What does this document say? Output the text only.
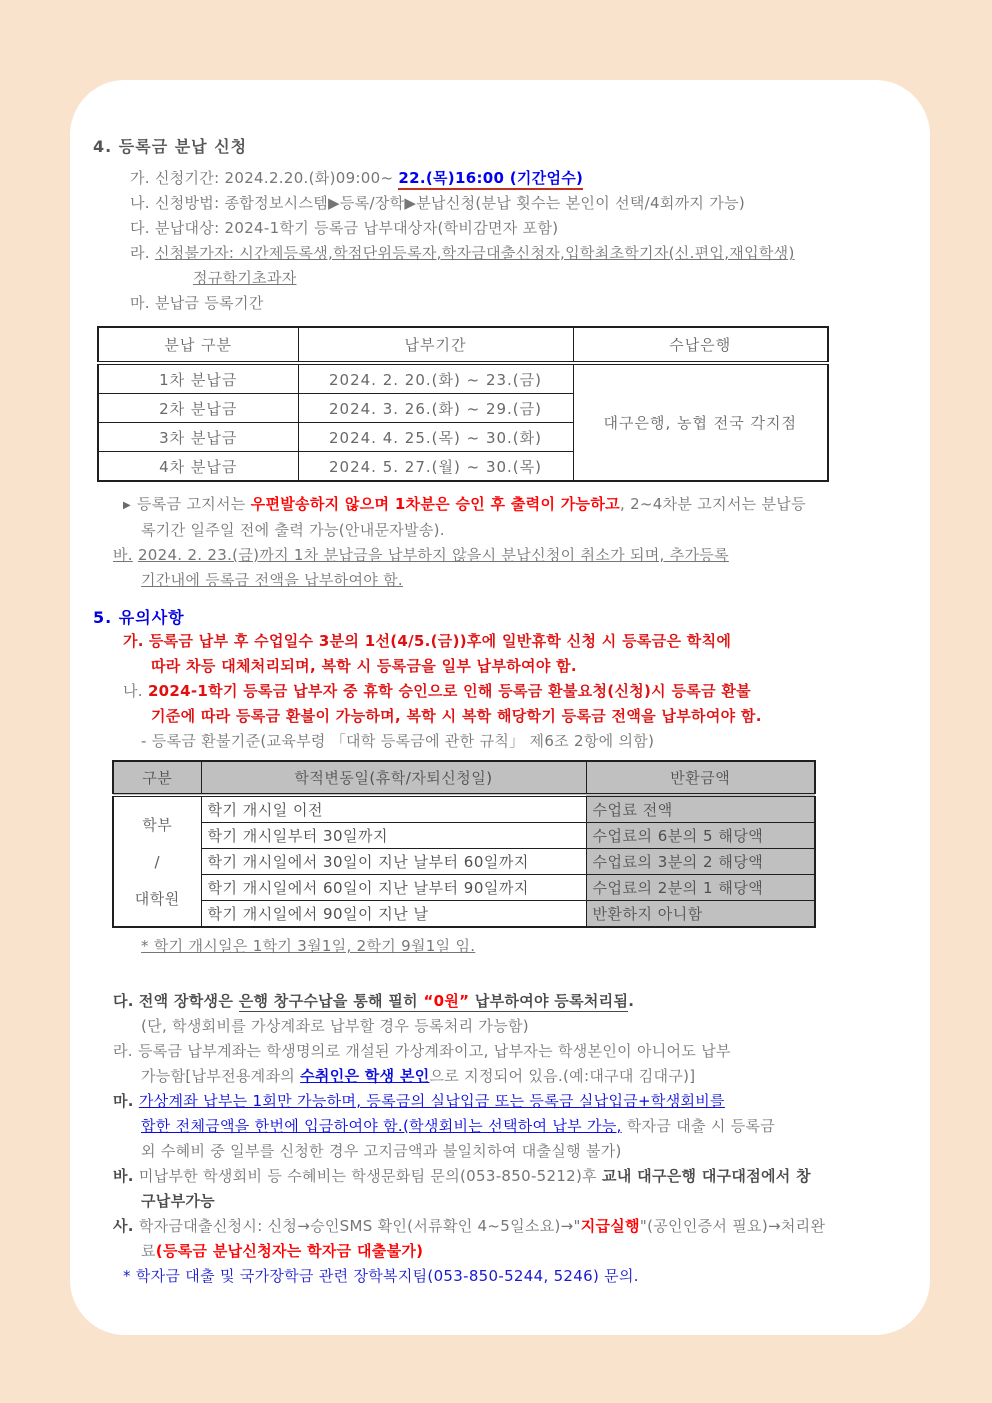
4. 등록금 분납 신청
가. 신청기간: 2024.2.20.(화)09:00~ 22.(목)16:00 (기간엄수)
나. 신청방법: 종합정보시스템▶등록/장학▶분납신청(분납 횟수는 본인이 선택/4회까지 가능)
다. 분납대상: 2024-1학기 등록금 납부대상자(학비감면자 포함)
라. 신청불가자: 시간제등록생,학점단위등록자,학자금대출신청자,입학최초학기자(신.편입,재입학생)
정규학기초과자
마. 분납금 등록기간
분납 구분	납부기간	수납은행
1차 분납금	2024. 2. 20.(화) ~ 23.(금)	대구은행, 농협 전국 각지점
2차 분납금	2024. 3. 26.(화) ~ 29.(금)	
3차 분납금	2024. 4. 25.(목) ~ 30.(화)	
4차 분납금	2024. 5. 27.(월) ~ 30.(목)	
▶ 등록금 고지서는 우편발송하지 않으며 1차분은 승인 후 출력이 가능하고, 2~4차분 고지서는 분납등
록기간 일주일 전에 출력 가능(안내문자발송).
바. 2024. 2. 23.(금)까지 1차 분납금을 납부하지 않을시 분납신청이 취소가 되며, 추가등록
기간내에 등록금 전액을 납부하여야 함.
5. 유의사항
가. 등록금 납부 후 수업일수 3분의 1선(4/5.(금))후에 일반휴학 신청 시 등록금은 학칙에
따라 차등 대체처리되며, 복학 시 등록금을 일부 납부하여야 함.
나. 2024-1학기 등록금 납부자 중 휴학 승인으로 인해 등록금 환불요청(신청)시 등록금 환불
기준에 따라 등록금 환불이 가능하며, 복학 시 복학 해당학기 등록금 전액을 납부하여야 함.
- 등록금 환불기준(교육부령 「대학 등록금에 관한 규칙」 제6조 2항에 의함)
구분	학적변동일(휴학/자퇴신청일)	반환금액

학부
/
대학원	학기 개시일 이전	수업료 전액
	학기 개시일부터 30일까지	수업료의 6분의 5 해당액
	학기 개시일에서 30일이 지난 날부터 60일까지	수업료의 3분의 2 해당액
	학기 개시일에서 60일이 지난 날부터 90일까지	수업료의 2분의 1 해당액
	학기 개시일에서 90일이 지난 날	반환하지 아니함
* 학기 개시일은 1학기 3월1일, 2학기 9월1일 임.
다. 전액 장학생은 은행 창구수납을 통해 필히 “0원” 납부하여야 등록처리됨.
(단, 학생회비를 가상계좌로 납부할 경우 등록처리 가능함)
라. 등록금 납부계좌는 학생명의로 개설된 가상계좌이고, 납부자는 학생본인이 아니어도 납부
가능함[납부전용계좌의 수취인은 학생 본인으로 지정되어 있음.(예:대구대 김대구)]
마. 가상계좌 납부는 1회만 가능하며, 등록금의 실납입금 또는 등록금 실납입금+학생회비를
합한 전체금액을 한번에 입금하여야 함.(학생회비는 선택하여 납부 가능, 학자금 대출 시 등록금
외 수혜비 중 일부를 신청한 경우 고지금액과 불일치하여 대출실행 불가)
바. 미납부한 학생회비 등 수혜비는 학생문화팀 문의(053-850-5212)후 교내 대구은행 대구대점에서 창
구납부가능
사. 학자금대출신청시: 신청→승인SMS 확인(서류확인 4~5일소요)→"지급실행"(공인인증서 필요)→처리완
료(등록금 분납신청자는 학자금 대출불가)
* 학자금 대출 및 국가장학금 관련 장학복지팀(053-850-5244, 5246) 문의.
